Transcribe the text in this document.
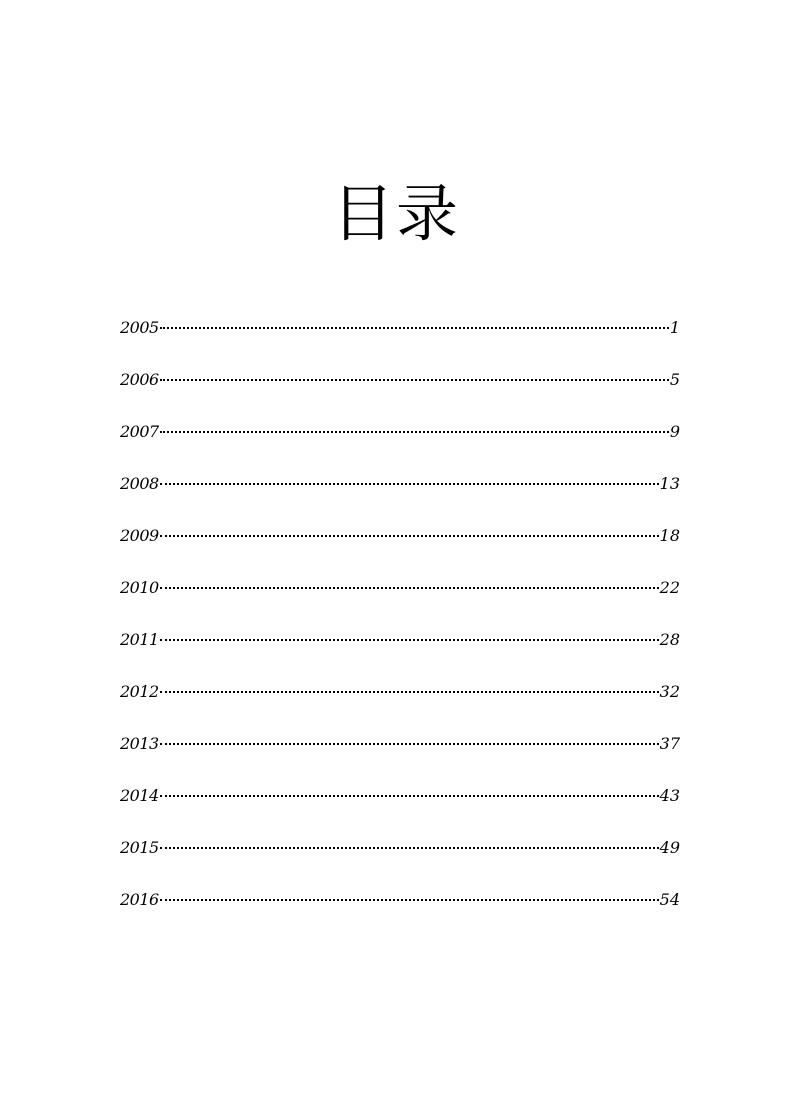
目录
2005	1
2006	5
2007	9
2008	13
2009	18
2010	22
2011	28
2012	32
2013	37
2014	43
2015	49
2016	54
